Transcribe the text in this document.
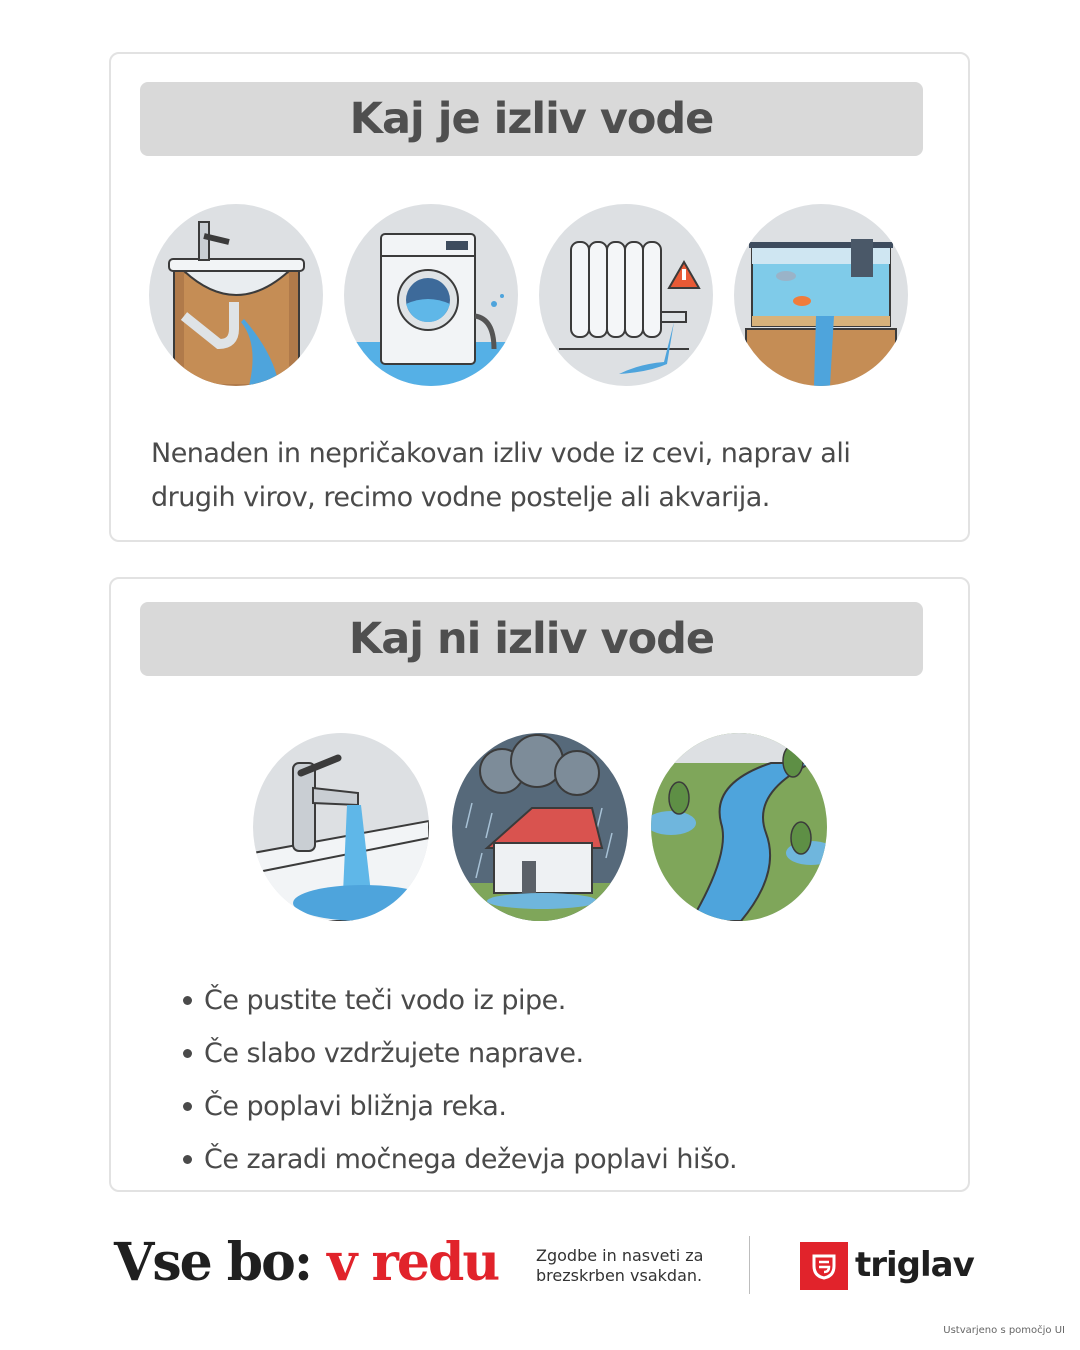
Kaj je izliv vode

Nenaden in nepričakovan izliv vode iz cevi, naprav ali drugih virov, recimo vodne postelje ali akvarija.

Kaj ni izliv vode
Če pustite teči vodo iz pipe.
Če slabo vzdržujete naprave.
Če poplavi bližnja reka.
Če zaradi močnega deževja poplavi hišo.
Vse bo: v redu Zgodbe in nasveti za
brezskrben vsakdan.	triglav
Ustvarjeno s pomočjo UI
